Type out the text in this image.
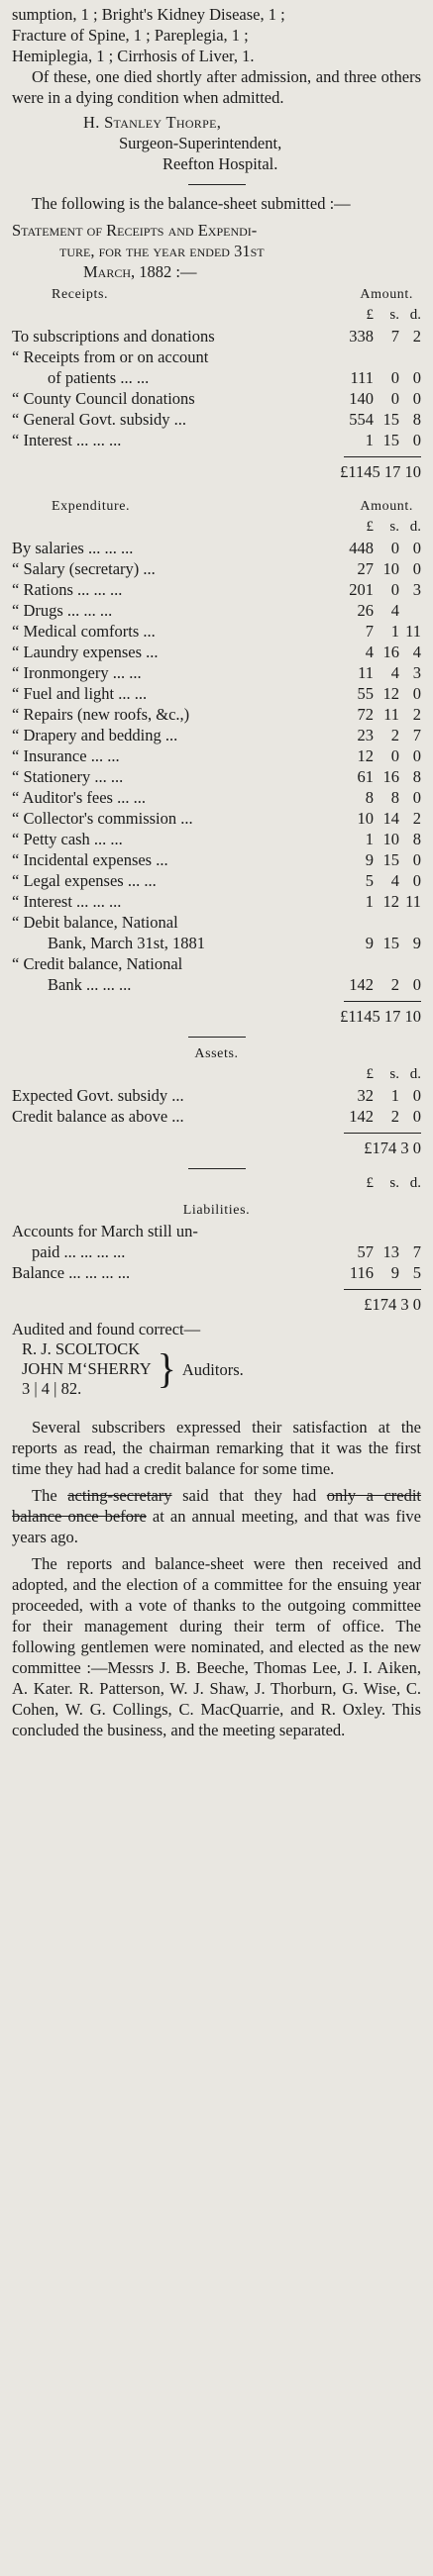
sumption, 1 ; Bright's Kidney Disease, 1 ;
Fracture of Spine, 1 ; Pareplegia, 1 ;
Hemiplegia, 1 ; Cirrhosis of Liver, 1.

Of these, one died shortly after admission, and three others were in a dying condition when admitted.

H. Stanley Thorpe,
Surgeon-Superintendent,
Reefton Hospital.

The following is the balance-sheet submitted :—

Statement of Receipts and Expendi-
ture, for the year ended 31st
March, 1882 :—
Receipts.	Amount.
£	s. d.
To subscriptions and donations	338	7 2
“ Receipts from or on account
of patients ... ...	111	0 0
“ County Council donations	140	0 0
“ General Govt. subsidy ...	554 15 8
“ Interest ... ... ...	1 15 0
£1145 17 10
Expenditure.	Amount.
£	s. d.
By salaries ... ... ...	448	0 0
“ Salary (secretary) ...	27 10 0
“ Rations ... ... ...	201	0 3
“ Drugs ... ... ...	26	4
“ Medical comforts ...	7	1 11
“ Laundry expenses ...	4 16 4
“ Ironmongery ... ...	11	4 3
“ Fuel and light ... ...	55 12 0
“ Repairs (new roofs, &c.,)	72 11 2
“ Drapery and bedding ...	23	2 7
“ Insurance ... ...	12	0 0
“ Stationery ... ...	61 16 8
“ Auditor's fees ... ...	8	8 0
“ Collector's commission ...	10 14 2
“ Petty cash ... ...	1 10 8
“ Incidental expenses ...	9 15 0
“ Legal expenses ... ...	5	4 0
“ Interest ... ... ...	1 12 11
“ Debit balance, National
Bank, March 31st, 1881	9 15 9
“ Credit balance, National
Bank ... ... ...	142	2 0
£1145 17 10
Assets.
£	s. d.
Expected Govt. subsidy ...	32	1 0
Credit balance as above ...	142	2 0
£174 3 0
£	s. d.
Liabilities.
Accounts for March still un-
paid ... ... ... ...	57 13 7
Balance ... ... ... ...	116	9 5
£174 3 0
Audited and found correct—
R. J. SCOLTOCK
JOHN M‘SHERRY
3 | 4 | 82.	} Auditors.

Several subscribers expressed their satisfaction at the reports as read, the chairman remarking that it was the first time they had had a credit balance for some time.

The acting-secretary said that they had only a credit balance once before at an annual meeting, and that was five years ago.

The reports and balance-sheet were then received and adopted, and the election of a committee for the ensuing year proceeded, with a vote of thanks to the outgoing committee for their management during their term of office. The following gentlemen were nominated, and elected as the new committee :—Messrs J. B. Beeche, Thomas Lee, J. I. Aiken, A. Kater. R. Patterson, W. J. Shaw, J. Thorburn, G. Wise, C. Cohen, W. G. Collings, C. MacQuarrie, and R. Oxley. This concluded the business, and the meeting separated.
